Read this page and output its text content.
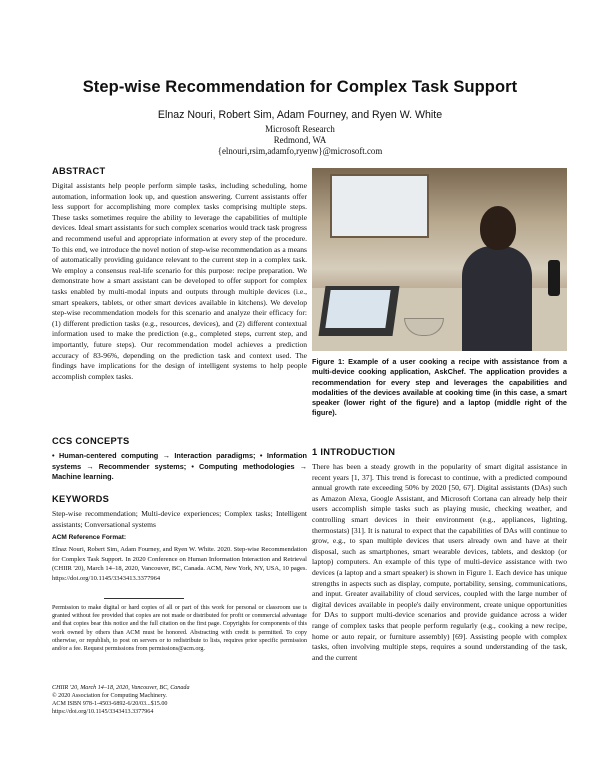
Step-wise Recommendation for Complex Task Support
Elnaz Nouri, Robert Sim, Adam Fourney, and Ryen W. White
Microsoft Research
Redmond, WA
{elnouri,rsim,adamfo,ryenw}@microsoft.com
ABSTRACT
Digital assistants help people perform simple tasks, including scheduling, home automation, information look up, and question answering. Current assistants offer less support for accomplishing more complex tasks comprising multiple steps. These tasks sometimes require the ability to leverage the capabilities of multiple devices. Ideal smart assistants for such complex scenarios would track task progress and recommend useful and appropriate information at every step of the procedure. To this end, we introduce the novel notion of step-wise recommendation as a means of automatically providing guidance relevant to the current step in a complex task. We employ a consensus real-life scenario for this purpose: recipe preparation. We demonstrate how a smart assistant can be developed to offer support for complex tasks enabled by multi-modal inputs and outputs through multiple devices (i.e., smart speakers, tablets, or other smart devices available in kitchens). We develop step-wise recommendation models for this scenario and analyze their efficacy for: (1) different prediction tasks (e.g., resources, devices), and (2) different contextual information used to make the prediction (e.g., completed steps, current step, and importantly, future steps). Our recommendation model achieves a prediction accuracy of 83-96%, depending on the prediction task and context used. The findings have implications for the design of intelligent systems to help people accomplish complex tasks.
CCS CONCEPTS
• Human-centered computing → Interaction paradigms; • Information systems → Recommender systems; • Computing methodologies → Machine learning.
KEYWORDS
Step-wise recommendation; Multi-device experiences; Complex tasks; Intelligent assistants; Conversational systems
ACM Reference Format:
Elnaz Nouri, Robert Sim, Adam Fourney, and Ryen W. White. 2020. Step-wise Recommendation for Complex Task Support. In 2020 Conference on Human Information Interaction and Retrieval (CHIIR '20), March 14–18, 2020, Vancouver, BC, Canada. ACM, New York, NY, USA, 10 pages. https://doi.org/10.1145/3343413.3377964
Permission to make digital or hard copies of all or part of this work for personal or classroom use is granted without fee provided that copies are not made or distributed for profit or commercial advantage and that copies bear this notice and the full citation on the first page. Copyrights for components of this work owned by others than ACM must be honored. Abstracting with credit is permitted. To copy otherwise, or republish, to post on servers or to redistribute to lists, requires prior specific permission and/or a fee. Request permissions from permissions@acm.org.
CHIIR '20, March 14–18, 2020, Vancouver, BC, Canada
© 2020 Association for Computing Machinery.
ACM ISBN 978-1-4503-6892-6/20/03...$15.00
https://doi.org/10.1145/3343413.3377964
Figure 1: Example of a user cooking a recipe with assistance from a multi-device cooking application, AskChef. The application provides a recommendation for every step and leverages the capabilities and modalities of the devices available at cooking time (in this case, a smart speaker (lower right of the figure) and a laptop (middle right of the figure).
1 INTRODUCTION
There has been a steady growth in the popularity of smart digital assistance in recent years [1, 37]. This trend is forecast to continue, with a predicted compound annual growth rate exceeding 50% by 2020 [50, 67]. Digital assistants (DAs) such as Amazon Alexa, Google Assistant, and Microsoft Cortana can already help their users accomplish simple tasks such as playing music, checking weather, and controlling smart devices in their environment (e.g., appliances, lighting, thermostats) [31]. It is natural to expect that the capabilities of DAs will continue to grow, e.g., to span multiple devices that users already own and have at their disposal, such as smartphones, smart wearable devices, tablets, and desktop (or laptop) computers. An example of this type of multi-device assistance with two devices (a laptop and a smart speaker) is shown in Figure 1. Each device has unique strengths in aspects such as display, compute, portability, sensing, communications, and input. Greater availability of cloud services, coupled with the large number of digital devices available in people's daily environment, create unique opportunities for DAs to support multi-device scenarios and provide guidance across a wider range of complex tasks that people perform regularly (e.g., cooking a new recipe, home or auto repair, or furniture assembly) [69]. Assisting people with complex tasks, often involving multiple steps, requires a sound understanding of the task, and the current
